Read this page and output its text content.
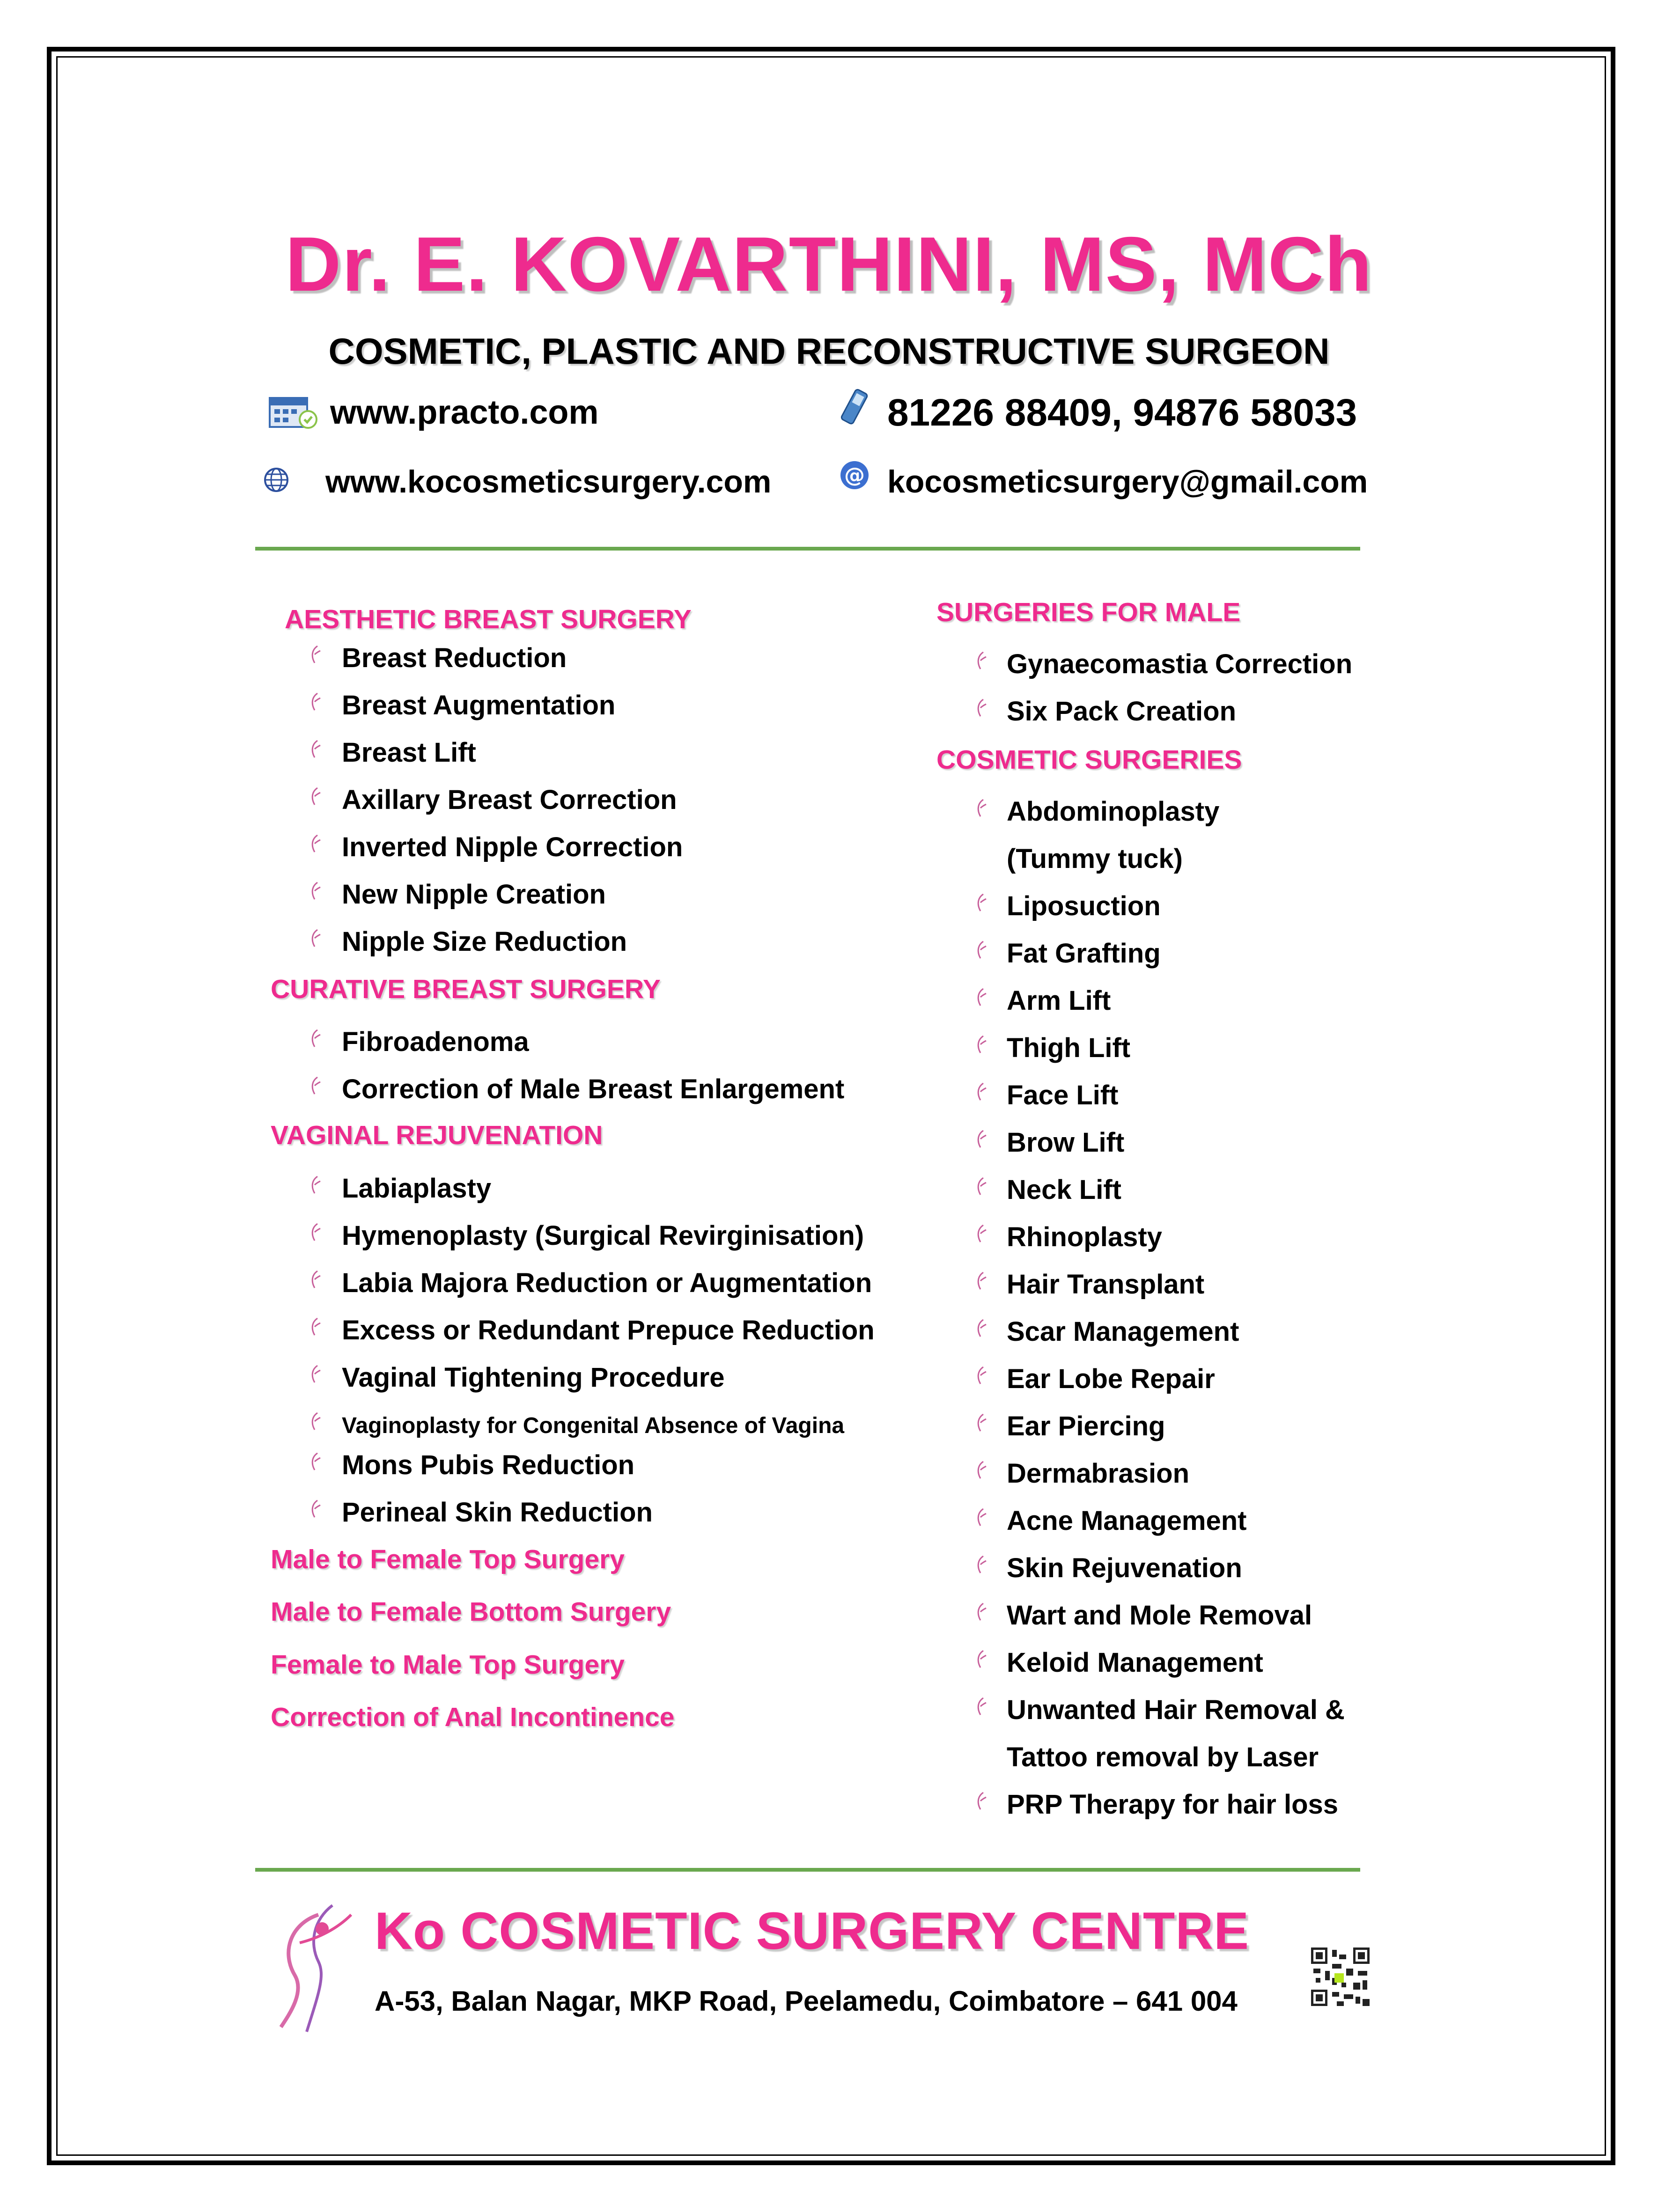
Dr. E. KOVARTHINI, MS, MCh
COSMETIC, PLASTIC AND RECONSTRUCTIVE SURGEON
www.practo.com	81226 88409, 94876 58033
www.kocosmeticsurgery.com	@ kocosmeticsurgery@gmail.com
AESTHETIC BREAST SURGERY
Breast Reduction
Breast Augmentation
Breast Lift
Axillary Breast Correction
Inverted Nipple Correction
New Nipple Creation
Nipple Size Reduction
CURATIVE BREAST SURGERY
Fibroadenoma
Correction of Male Breast Enlargement
VAGINAL REJUVENATION
Labiaplasty
Hymenoplasty (Surgical Revirginisation)
Labia Majora Reduction or Augmentation
Excess or Redundant Prepuce Reduction
Vaginal Tightening Procedure
Vaginoplasty for Congenital Absence of Vagina
Mons Pubis Reduction
Perineal Skin Reduction
Male to Female Top Surgery
Male to Female Bottom Surgery
Female to Male Top Surgery
Correction of Anal Incontinence
SURGERIES FOR MALE
Gynaecomastia Correction
Six Pack Creation
COSMETIC SURGERIES
Abdominoplasty
(Tummy tuck)
Liposuction
Fat Grafting
Arm Lift
Thigh Lift
Face Lift
Brow Lift
Neck Lift
Rhinoplasty
Hair Transplant
Scar Management
Ear Lobe Repair
Ear Piercing
Dermabrasion
Acne Management
Skin Rejuvenation
Wart and Mole Removal
Keloid Management
Unwanted Hair Removal &
Tattoo removal by Laser
PRP Therapy for hair loss
Ko COSMETIC SURGERY CENTRE
A-53, Balan Nagar, MKP Road, Peelamedu, Coimbatore – 641 004
